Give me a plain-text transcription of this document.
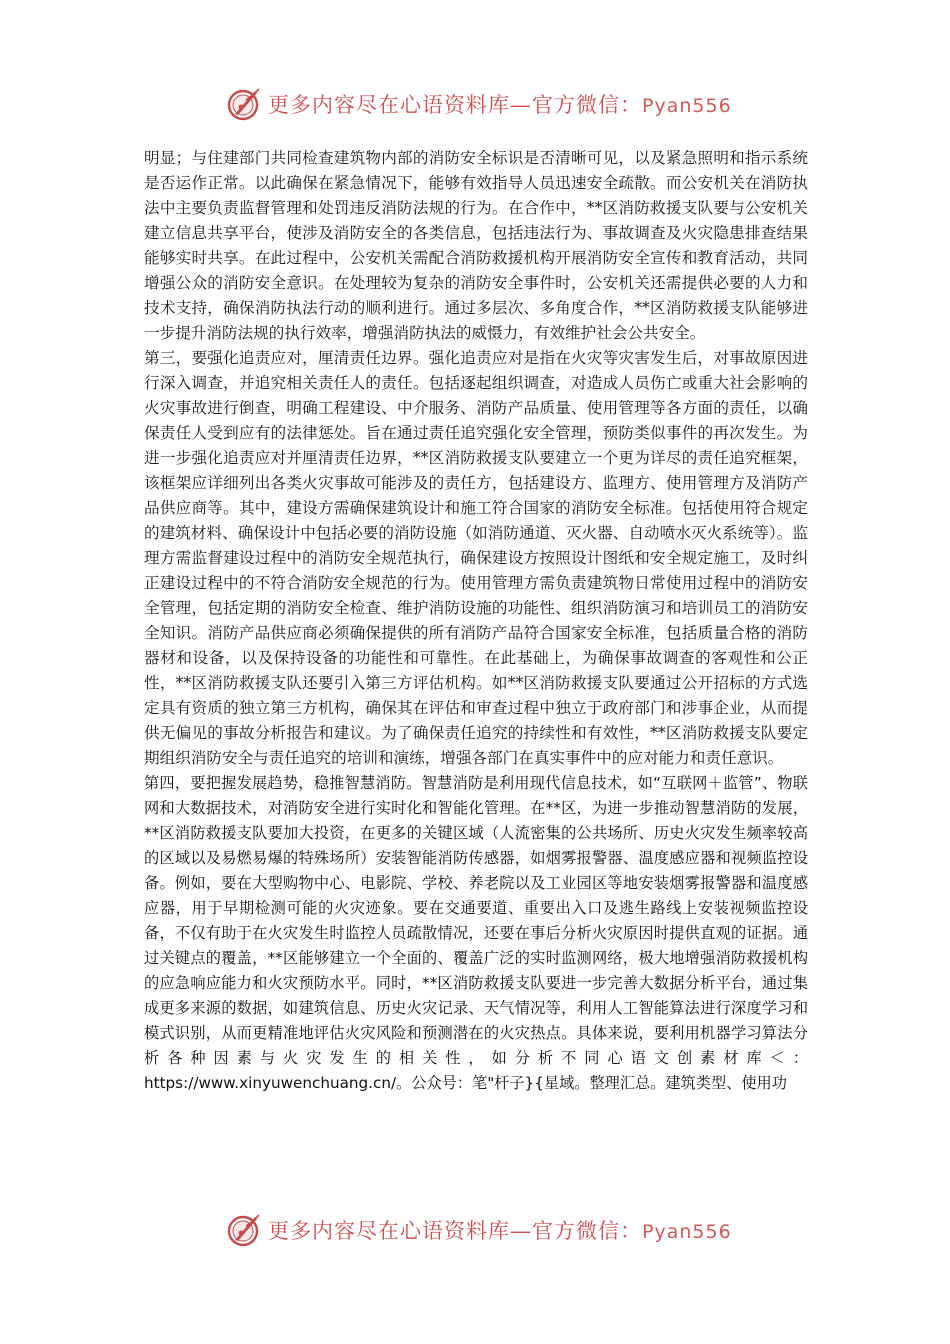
更多内容尽在心语资料库—官方微信：Pyan556

明显；与住建部门共同检查建筑物内部的消防安全标识是否清晰可见，以及紧急照明和指示系统是否运作正常。以此确保在紧急情况下，能够有效指导人员迅速安全疏散。而公安机关在消防执法中主要负责监督管理和处罚违反消防法规的行为。在合作中，**区消防救援支队要与公安机关建立信息共享平台，使涉及消防安全的各类信息，包括违法行为、事故调查及火灾隐患排查结果能够实时共享。在此过程中，公安机关需配合消防救援机构开展消防安全宣传和教育活动，共同增强公众的消防安全意识。在处理较为复杂的消防安全事件时，公安机关还需提供必要的人力和技术支持，确保消防执法行动的顺利进行。通过多层次、多角度合作，**区消防救援支队能够进一步提升消防法规的执行效率，增强消防执法的威慑力，有效维护社会公共安全。

第三，要强化追责应对，厘清责任边界。强化追责应对是指在火灾等灾害发生后，对事故原因进行深入调查，并追究相关责任人的责任。包括逐起组织调查，对造成人员伤亡或重大社会影响的火灾事故进行倒查，明确工程建设、中介服务、消防产品质量、使用管理等各方面的责任，以确保责任人受到应有的法律惩处。旨在通过责任追究强化安全管理，预防类似事件的再次发生。为进一步强化追责应对并厘清责任边界，**区消防救援支队要建立一个更为详尽的责任追究框架，该框架应详细列出各类火灾事故可能涉及的责任方，包括建设方、监理方、使用管理方及消防产品供应商等。其中，建设方需确保建筑设计和施工符合国家的消防安全标准。包括使用符合规定的建筑材料、确保设计中包括必要的消防设施（如消防通道、灭火器、自动喷水灭火系统等）。监理方需监督建设过程中的消防安全规范执行，确保建设方按照设计图纸和安全规定施工，及时纠正建设过程中的不符合消防安全规范的行为。使用管理方需负责建筑物日常使用过程中的消防安全管理，包括定期的消防安全检查、维护消防设施的功能性、组织消防演习和培训员工的消防安全知识。消防产品供应商必须确保提供的所有消防产品符合国家安全标准，包括质量合格的消防器材和设备，以及保持设备的功能性和可靠性。在此基础上，为确保事故调查的客观性和公正性，**区消防救援支队还要引入第三方评估机构。如**区消防救援支队要通过公开招标的方式选定具有资质的独立第三方机构，确保其在评估和审查过程中独立于政府部门和涉事企业，从而提供无偏见的事故分析报告和建议。为了确保责任追究的持续性和有效性，**区消防救援支队要定期组织消防安全与责任追究的培训和演练，增强各部门在真实事件中的应对能力和责任意识。

第四，要把握发展趋势，稳推智慧消防。智慧消防是利用现代信息技术，如“互联网＋监管”、物联网和大数据技术，对消防安全进行实时化和智能化管理。在**区，为进一步推动智慧消防的发展，**区消防救援支队要加大投资，在更多的关键区域（人流密集的公共场所、历史火灾发生频率较高的区域以及易燃易爆的特殊场所）安装智能消防传感器，如烟雾报警器、温度感应器和视频监控设备。例如，要在大型购物中心、电影院、学校、养老院以及工业园区等地安装烟雾报警器和温度感应器，用于早期检测可能的火灾迹象。要在交通要道、重要出入口及逃生路线上安装视频监控设备，不仅有助于在火灾发生时监控人员疏散情况，还要在事后分析火灾原因时提供直观的证据。通过关键点的覆盖，**区能够建立一个全面的、覆盖广泛的实时监测网络，极大地增强消防救援机构的应急响应能力和火灾预防水平。同时，**区消防救援支队要进一步完善大数据分析平台，通过集成更多来源的数据，如建筑信息、历史火灾记录、天气情况等，利用人工智能算法进行深度学习和模式识别，从而更精准地评估火灾风险和预测潜在的火灾热点。具体来说，要利用机器学习算法分析各种因素与火灾发生的相关性，如分析不同心语文创素材库＜：https://www.xinyuwenchuang.cn/。公众号：笔"杆子}{星域。整理汇总。建筑类型、使用功

更多内容尽在心语资料库—官方微信：Pyan556
